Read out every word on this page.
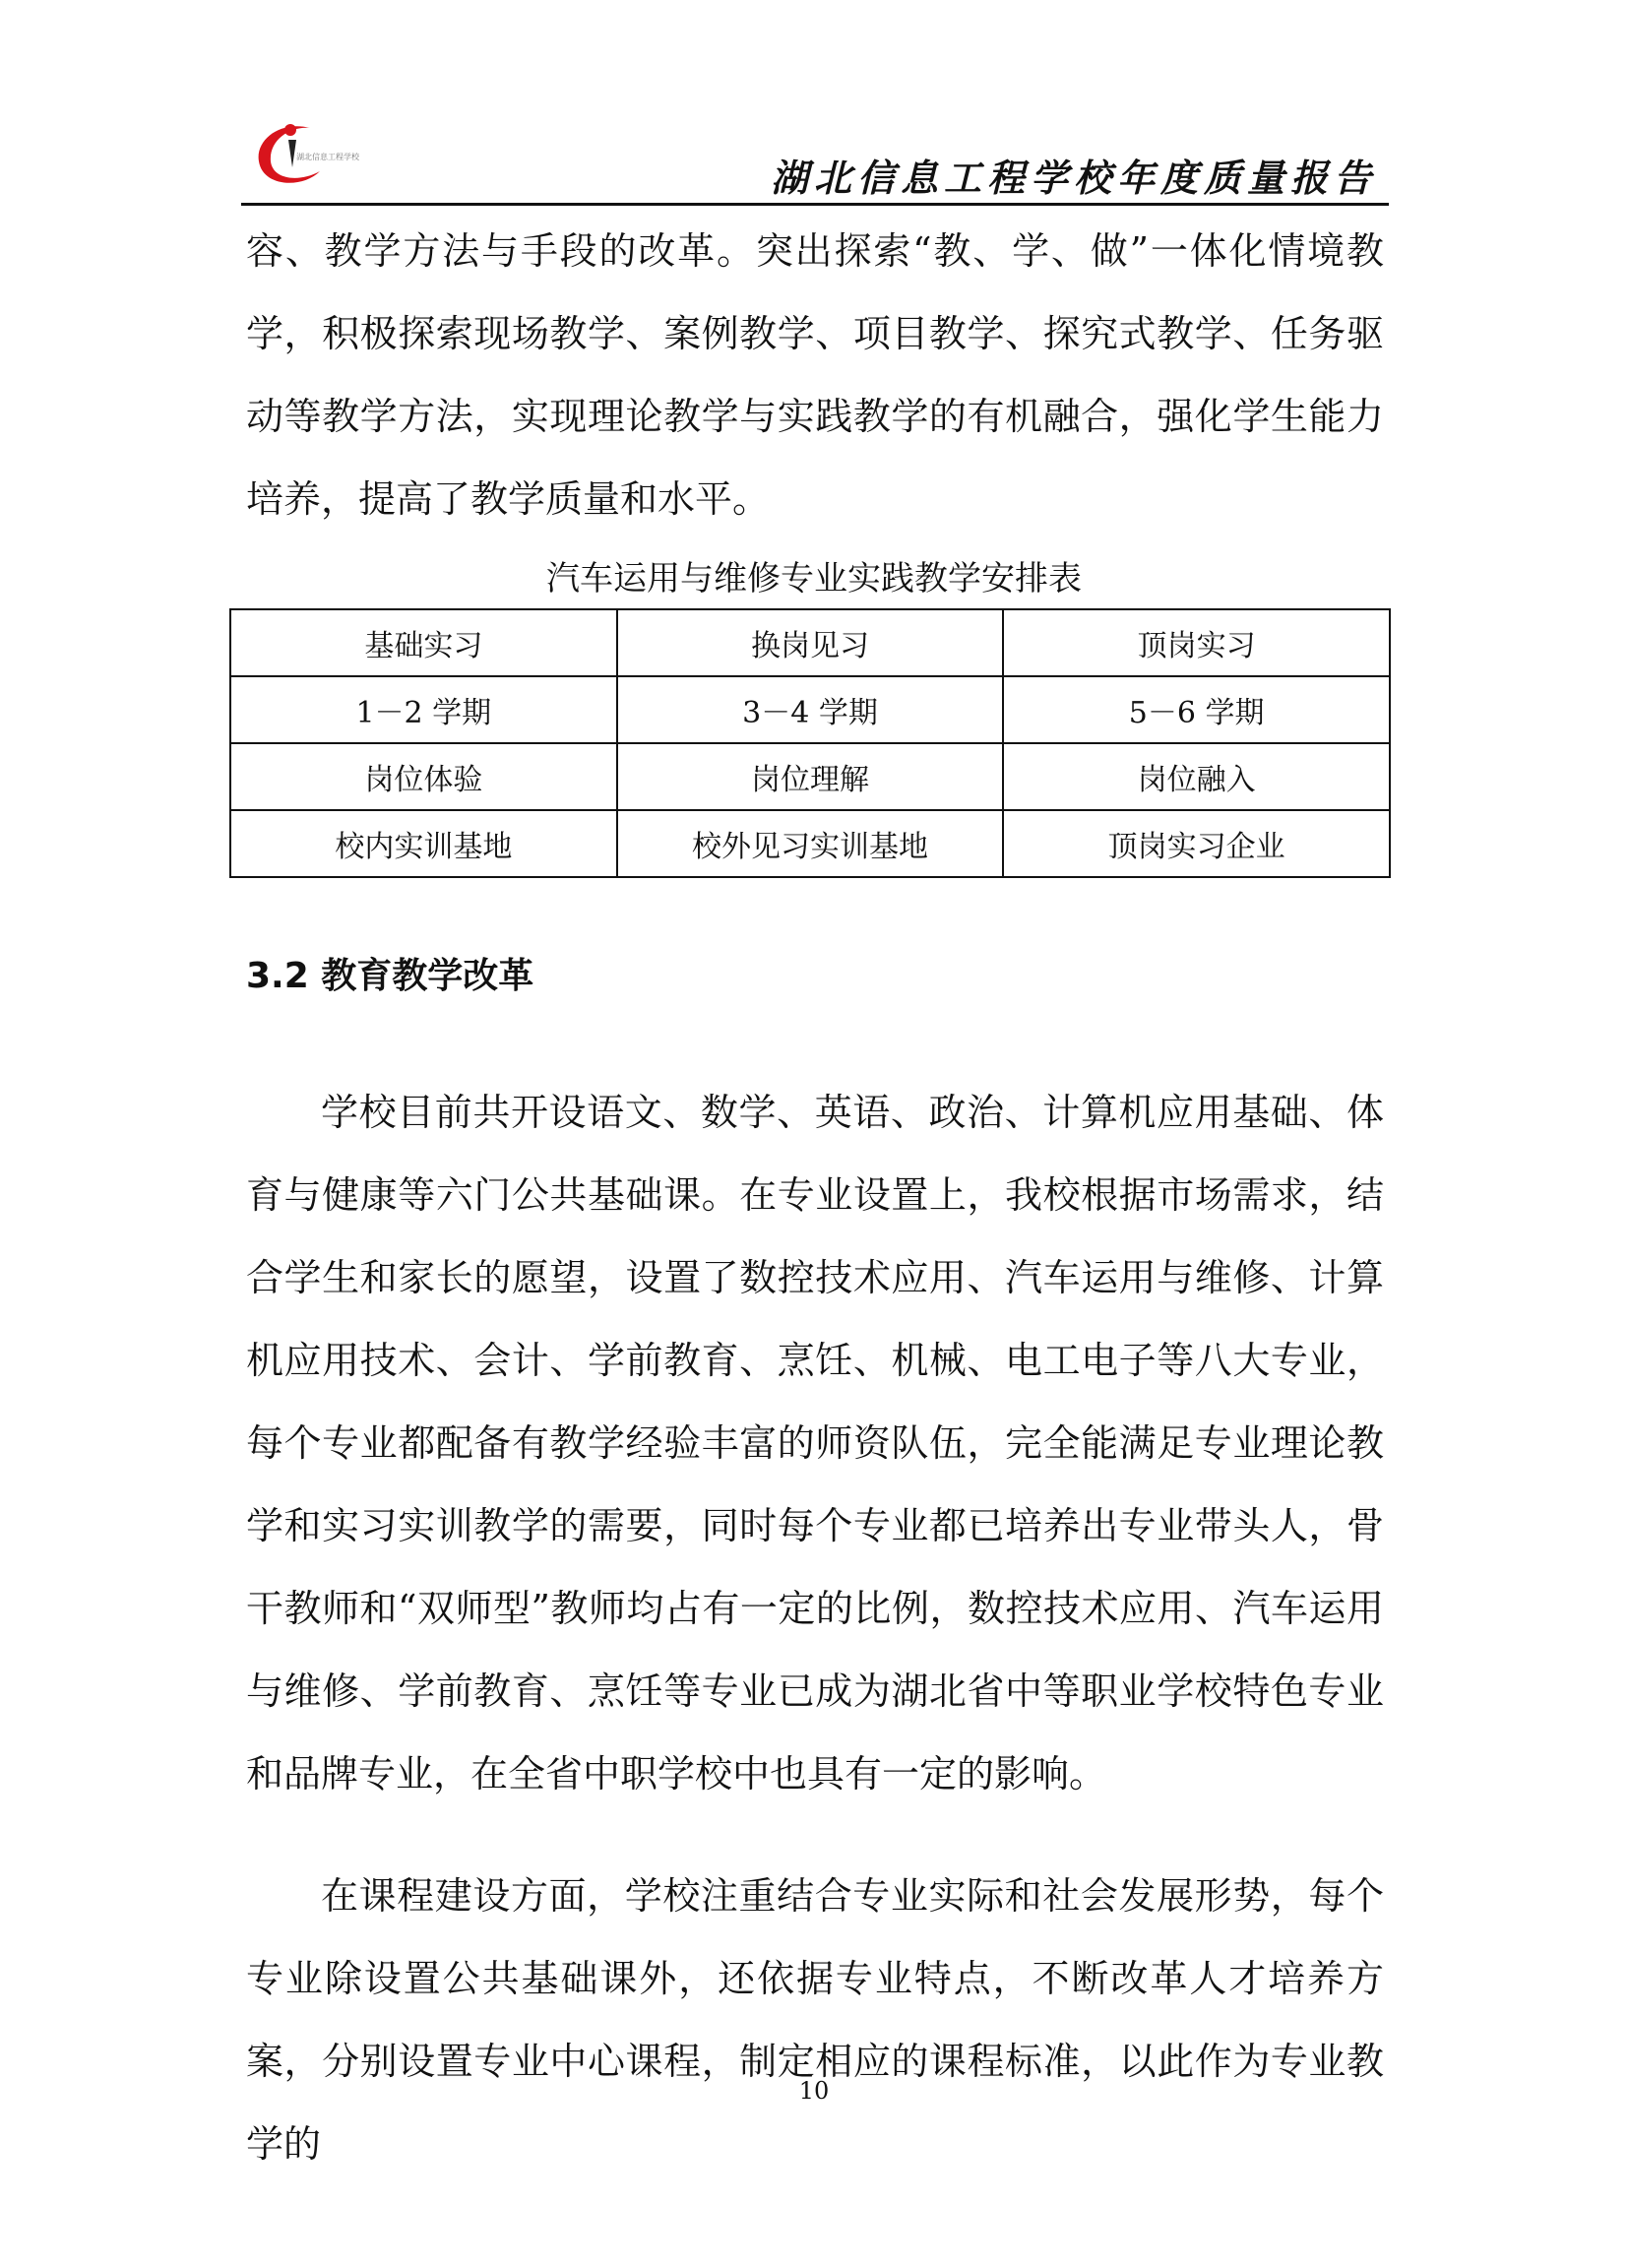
湖北信息工程学校	湖北信息工程学校年度质量报告

容、教学方法与手段的改革。突出探索“教、学、做”一体化情境教学，积极探索现场教学、案例教学、项目教学、探究式教学、任务驱动等教学方法，实现理论教学与实践教学的有机融合，强化学生能力培养，提高了教学质量和水平。

汽车运用与维修专业实践教学安排表
基础实习	换岗见习	顶岗实习
1－2 学期	3－4 学期	5－6 学期
岗位体验	岗位理解	岗位融入
校内实训基地	校外见习实训基地	顶岗实习企业
3.2 教育教学改革

学校目前共开设语文、数学、英语、政治、计算机应用基础、体育与健康等六门公共基础课。在专业设置上，我校根据市场需求，结合学生和家长的愿望，设置了数控技术应用、汽车运用与维修、计算机应用技术、会计、学前教育、烹饪、机械、电工电子等八大专业，每个专业都配备有教学经验丰富的师资队伍，完全能满足专业理论教学和实习实训教学的需要，同时每个专业都已培养出专业带头人，骨干教师和“双师型”教师均占有一定的比例，数控技术应用、汽车运用与维修、学前教育、烹饪等专业已成为湖北省中等职业学校特色专业和品牌专业，在全省中职学校中也具有一定的影响。

在课程建设方面，学校注重结合专业实际和社会发展形势，每个专业除设置公共基础课外，还依据专业特点，不断改革人才培养方案，分别设置专业中心课程，制定相应的课程标准，以此作为专业教学的

10
